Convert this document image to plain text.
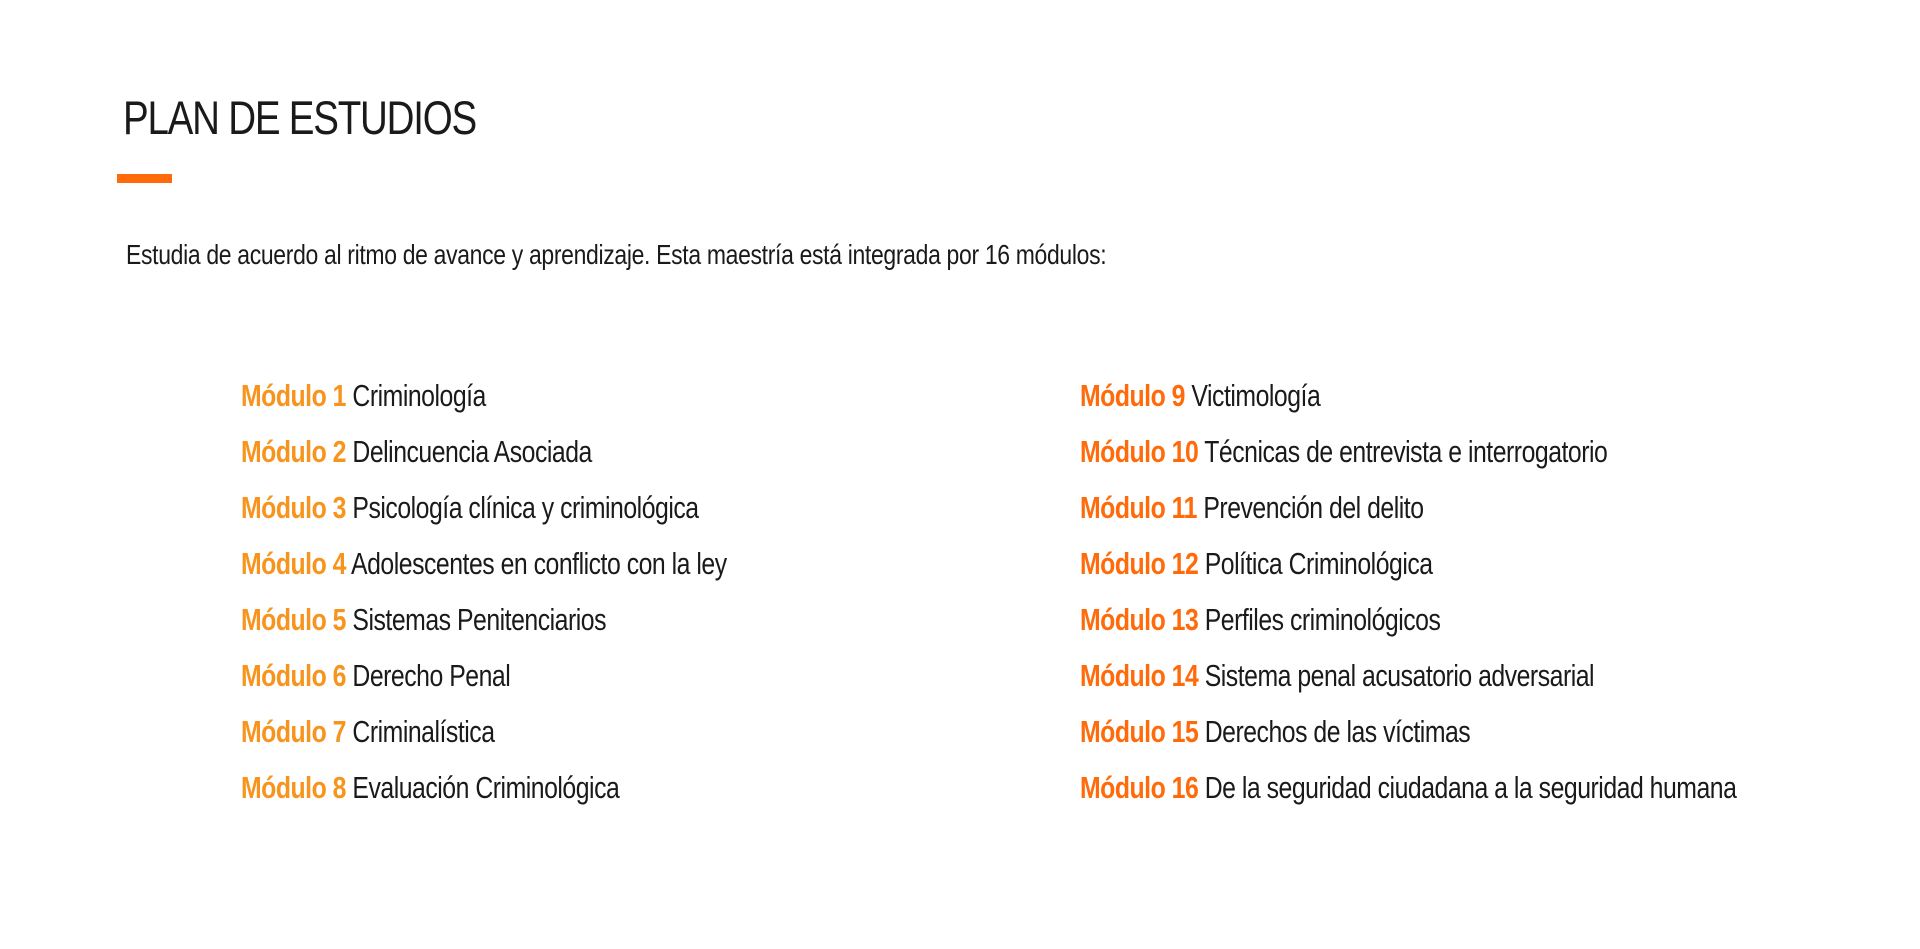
PLAN DE ESTUDIOS

Estudia de acuerdo al ritmo de avance y aprendizaje. Esta maestría está integrada por 16 módulos:

Módulo 1 Criminología
Módulo 2 Delincuencia Asociada
Módulo 3 Psicología clínica y criminológica
Módulo 4 Adolescentes en conflicto con la ley
Módulo 5 Sistemas Penitenciarios
Módulo 6 Derecho Penal
Módulo 7 Criminalística
Módulo 8 Evaluación Criminológica
Módulo 9 Victimología
Módulo 10 Técnicas de entrevista e interrogatorio
Módulo 11 Prevención del delito
Módulo 12 Política Criminológica
Módulo 13 Perfiles criminológicos
Módulo 14 Sistema penal acusatorio adversarial
Módulo 15 Derechos de las víctimas
Módulo 16 De la seguridad ciudadana a la seguridad humana
